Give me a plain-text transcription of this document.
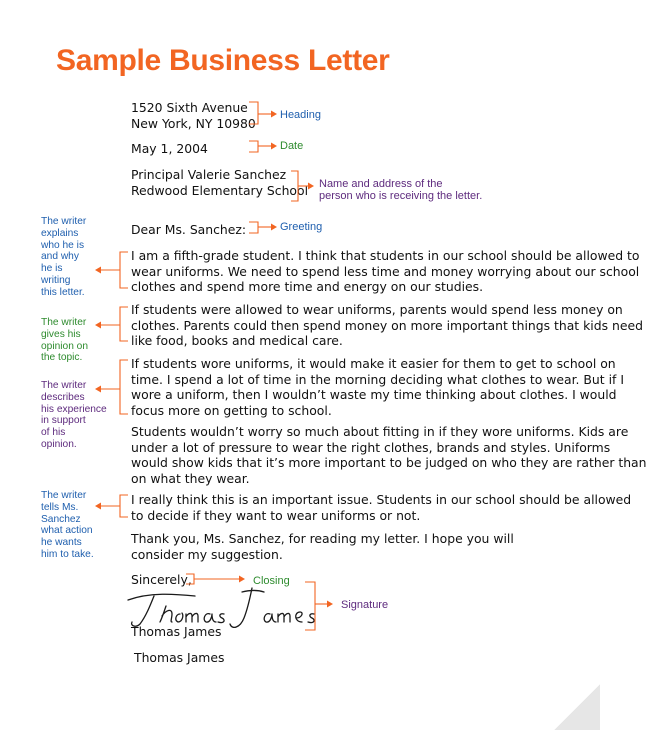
Sample Business Letter
1520 Sixth Avenue
New York, NY 10980
May 1, 2004
Principal Valerie Sanchez
Redwood Elementary School
Dear Ms. Sanchez:
I am a fifth-grade student. I think that students in our school should be allowed to
wear uniforms. We need to spend less time and money worrying about our school
clothes and spend more time and energy on our studies.
If students were allowed to wear uniforms, parents would spend less money on
clothes. Parents could then spend money on more important things that kids need
like food, books and medical care.
If students wore uniforms, it would make it easier for them to get to school on
time. I spend a lot of time in the morning deciding what clothes to wear. But if I
wore a uniform, then I wouldn’t waste my time thinking about clothes. I would
focus more on getting to school.
Students wouldn’t worry so much about fitting in if they wore uniforms. Kids are
under a lot of pressure to wear the right clothes, brands and styles. Uniforms
would show kids that it’s more important to be judged on who they are rather than
on what they wear.
I really think this is an important issue. Students in our school should be allowed
to decide if they want to wear uniforms or not.
Thank you, Ms. Sanchez, for reading my letter. I hope you will
consider my suggestion.
Sincerely,
Thomas James
Thomas James
Heading
Date
Name and address of the
person who is receiving the letter.
Greeting
Closing
Signature
The writer
explains
who he is
and why
he is
writing
this letter.
The writer
gives his
opinion on
the topic.
The writer
describes
his experience
in support
of his
opinion.
The writer
tells Ms.
Sanchez
what action
he wants
him to take.
